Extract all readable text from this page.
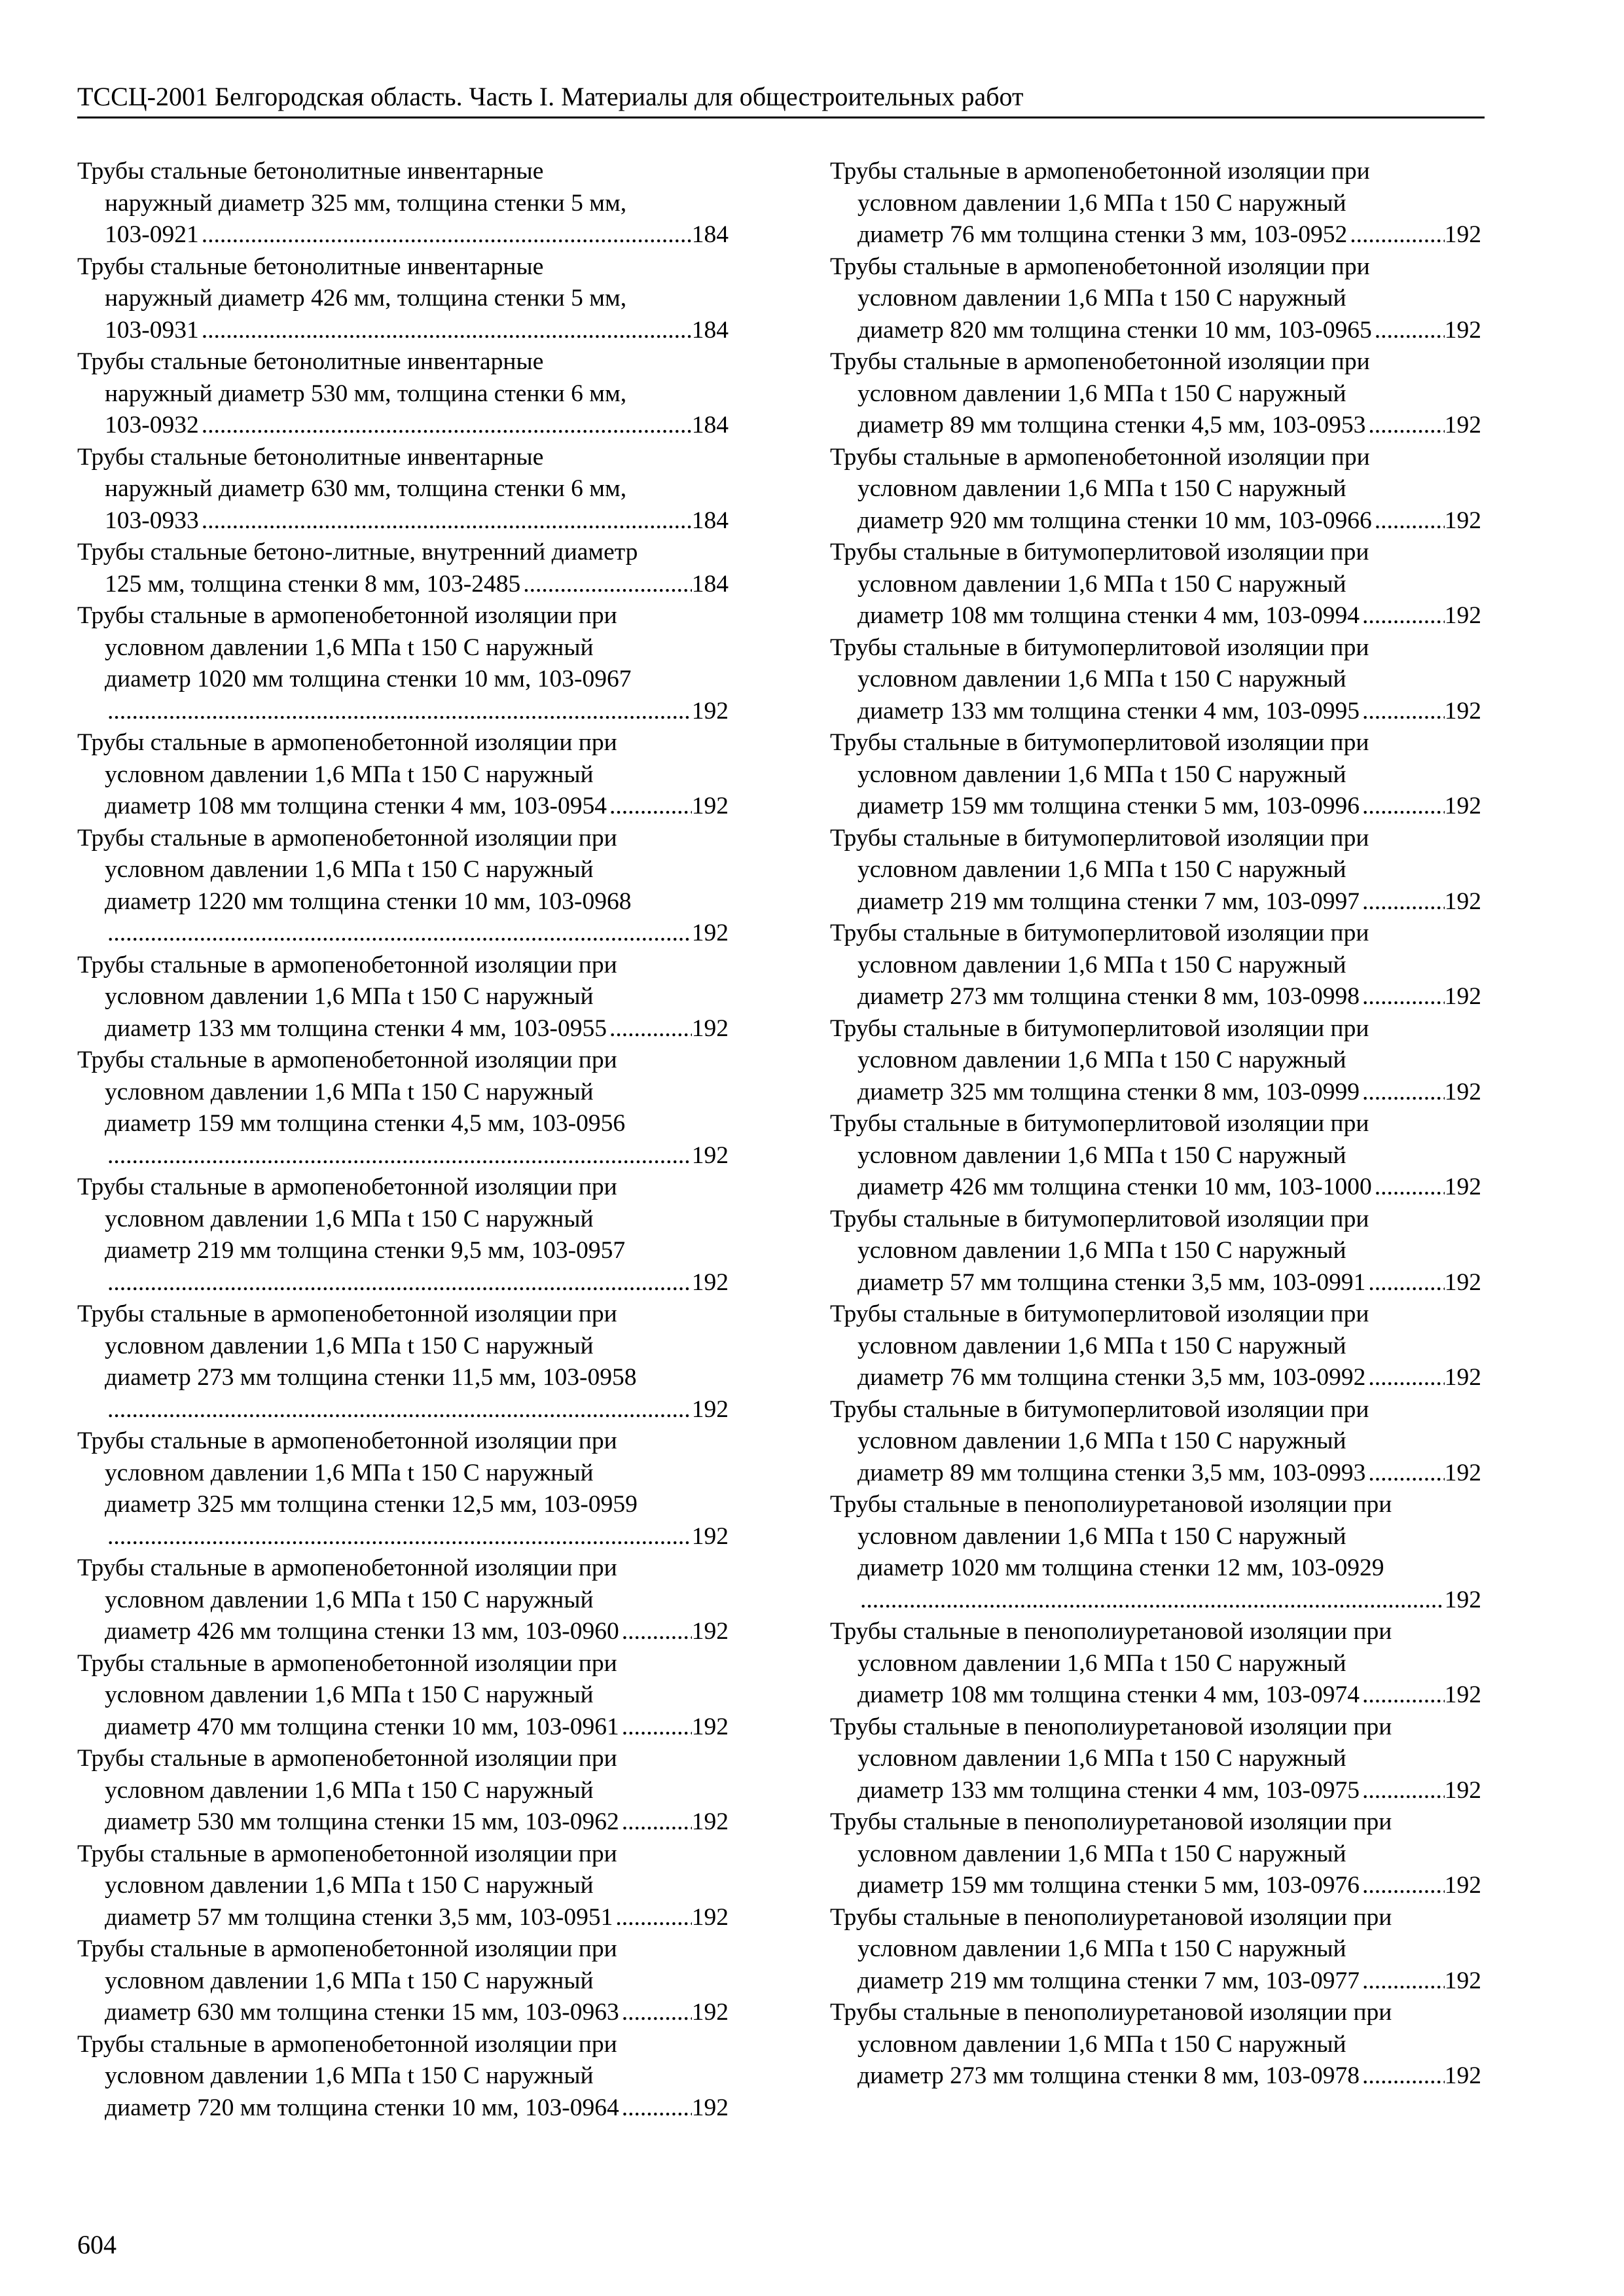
ТССЦ-2001 Белгородская область. Часть I. Материалы для общестроительных работ
Трубы стальные бетонолитные инвентарные
наружный диаметр 325 мм, толщина стенки 5 мм,
103-0921 .....	184
Трубы стальные бетонолитные инвентарные
наружный диаметр 426 мм, толщина стенки 5 мм,
103-0931 .....	184
Трубы стальные бетонолитные инвентарные
наружный диаметр 530 мм, толщина стенки 6 мм,
103-0932 .....	184
Трубы стальные бетонолитные инвентарные
наружный диаметр 630 мм, толщина стенки 6 мм,
103-0933 .....	184
Трубы стальные бетоно-литные, внутренний диаметр
125 мм, толщина стенки 8 мм, 103-2485 .....	184
Трубы стальные в армопенобетонной изоляции при
условном давлении 1,6 МПа t 150 С наружный
диаметр 1020 мм толщина стенки 10 мм, 103-0967
.....
192
Трубы стальные в армопенобетонной изоляции при
условном давлении 1,6 МПа t 150 С наружный
диаметр 108 мм толщина стенки 4 мм, 103-0954 .....	192
Трубы стальные в армопенобетонной изоляции при
условном давлении 1,6 МПа t 150 С наружный
диаметр 1220 мм толщина стенки 10 мм, 103-0968
.....
192
Трубы стальные в армопенобетонной изоляции при
условном давлении 1,6 МПа t 150 С наружный
диаметр 133 мм толщина стенки 4 мм, 103-0955 .....	192
Трубы стальные в армопенобетонной изоляции при
условном давлении 1,6 МПа t 150 С наружный
диаметр 159 мм толщина стенки 4,5 мм, 103-0956
.....
192
Трубы стальные в армопенобетонной изоляции при
условном давлении 1,6 МПа t 150 С наружный
диаметр 219 мм толщина стенки 9,5 мм, 103-0957
.....
192
Трубы стальные в армопенобетонной изоляции при
условном давлении 1,6 МПа t 150 С наружный
диаметр 273 мм толщина стенки 11,5 мм, 103-0958
.....
192
Трубы стальные в армопенобетонной изоляции при
условном давлении 1,6 МПа t 150 С наружный
диаметр 325 мм толщина стенки 12,5 мм, 103-0959
.....
192
Трубы стальные в армопенобетонной изоляции при
условном давлении 1,6 МПа t 150 С наружный
диаметр 426 мм толщина стенки 13 мм, 103-0960 .....	192
Трубы стальные в армопенобетонной изоляции при
условном давлении 1,6 МПа t 150 С наружный
диаметр 470 мм толщина стенки 10 мм, 103-0961 .....	192
Трубы стальные в армопенобетонной изоляции при
условном давлении 1,6 МПа t 150 С наружный
диаметр 530 мм толщина стенки 15 мм, 103-0962 .....	192
Трубы стальные в армопенобетонной изоляции при
условном давлении 1,6 МПа t 150 С наружный
диаметр 57 мм толщина стенки 3,5 мм, 103-0951 .....	192
Трубы стальные в армопенобетонной изоляции при
условном давлении 1,6 МПа t 150 С наружный
диаметр 630 мм толщина стенки 15 мм, 103-0963 .....	192
Трубы стальные в армопенобетонной изоляции при
условном давлении 1,6 МПа t 150 С наружный
диаметр 720 мм толщина стенки 10 мм, 103-0964 .....	192
Трубы стальные в армопенобетонной изоляции при
условном давлении 1,6 МПа t 150 С наружный
диаметр 76 мм толщина стенки 3 мм, 103-0952 .....	192
Трубы стальные в армопенобетонной изоляции при
условном давлении 1,6 МПа t 150 С наружный
диаметр 820 мм толщина стенки 10 мм, 103-0965 .....	192
Трубы стальные в армопенобетонной изоляции при
условном давлении 1,6 МПа t 150 С наружный
диаметр 89 мм толщина стенки 4,5 мм, 103-0953 .....	192
Трубы стальные в армопенобетонной изоляции при
условном давлении 1,6 МПа t 150 С наружный
диаметр 920 мм толщина стенки 10 мм, 103-0966 .....	192
Трубы стальные в битумоперлитовой изоляции при
условном давлении 1,6 МПа t 150 С наружный
диаметр 108 мм толщина стенки 4 мм, 103-0994 .....	192
Трубы стальные в битумоперлитовой изоляции при
условном давлении 1,6 МПа t 150 С наружный
диаметр 133 мм толщина стенки 4 мм, 103-0995 .....	192
Трубы стальные в битумоперлитовой изоляции при
условном давлении 1,6 МПа t 150 С наружный
диаметр 159 мм толщина стенки 5 мм, 103-0996 .....	192
Трубы стальные в битумоперлитовой изоляции при
условном давлении 1,6 МПа t 150 С наружный
диаметр 219 мм толщина стенки 7 мм, 103-0997 .....	192
Трубы стальные в битумоперлитовой изоляции при
условном давлении 1,6 МПа t 150 С наружный
диаметр 273 мм толщина стенки 8 мм, 103-0998 .....	192
Трубы стальные в битумоперлитовой изоляции при
условном давлении 1,6 МПа t 150 С наружный
диаметр 325 мм толщина стенки 8 мм, 103-0999 .....	192
Трубы стальные в битумоперлитовой изоляции при
условном давлении 1,6 МПа t 150 С наружный
диаметр 426 мм толщина стенки 10 мм, 103-1000 .....	192
Трубы стальные в битумоперлитовой изоляции при
условном давлении 1,6 МПа t 150 С наружный
диаметр 57 мм толщина стенки 3,5 мм, 103-0991 .....	192
Трубы стальные в битумоперлитовой изоляции при
условном давлении 1,6 МПа t 150 С наружный
диаметр 76 мм толщина стенки 3,5 мм, 103-0992 .....	192
Трубы стальные в битумоперлитовой изоляции при
условном давлении 1,6 МПа t 150 С наружный
диаметр 89 мм толщина стенки 3,5 мм, 103-0993 .....	192
Трубы стальные в пенополиуретановой изоляции при
условном давлении 1,6 МПа t 150 С наружный
диаметр 1020 мм толщина стенки 12 мм, 103-0929
.....
192
Трубы стальные в пенополиуретановой изоляции при
условном давлении 1,6 МПа t 150 С наружный
диаметр 108 мм толщина стенки 4 мм, 103-0974 .....	192
Трубы стальные в пенополиуретановой изоляции при
условном давлении 1,6 МПа t 150 С наружный
диаметр 133 мм толщина стенки 4 мм, 103-0975 .....	192
Трубы стальные в пенополиуретановой изоляции при
условном давлении 1,6 МПа t 150 С наружный
диаметр 159 мм толщина стенки 5 мм, 103-0976 .....	192
Трубы стальные в пенополиуретановой изоляции при
условном давлении 1,6 МПа t 150 С наружный
диаметр 219 мм толщина стенки 7 мм, 103-0977 .....	192
Трубы стальные в пенополиуретановой изоляции при
условном давлении 1,6 МПа t 150 С наружный
диаметр 273 мм толщина стенки 8 мм, 103-0978 .....	192
604
